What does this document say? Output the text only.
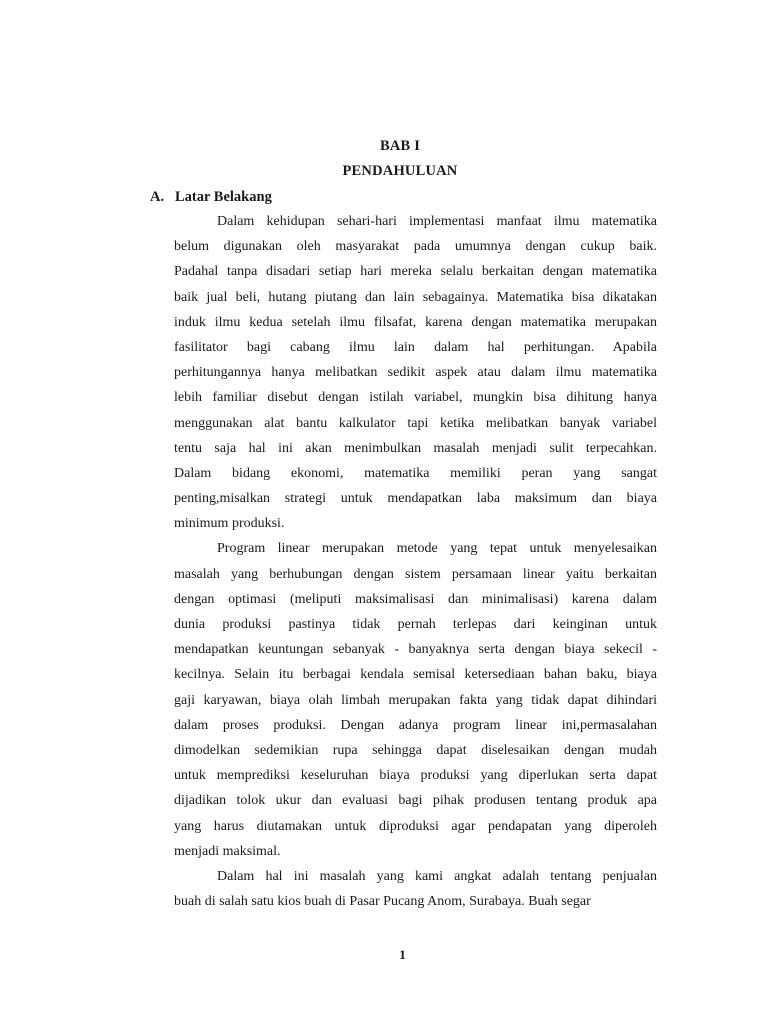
BAB I
PENDAHULUAN
A. Latar Belakang
Dalam kehidupan sehari-hari implementasi manfaat ilmu matematika
belum digunakan oleh masyarakat pada umumnya dengan cukup baik.
Padahal tanpa disadari setiap hari mereka selalu berkaitan dengan matematika
baik jual beli, hutang piutang dan lain sebagainya. Matematika bisa dikatakan
induk ilmu kedua setelah ilmu filsafat, karena dengan matematika merupakan
fasilitator bagi cabang ilmu lain dalam hal perhitungan. Apabila
perhitungannya hanya melibatkan sedikit aspek atau dalam ilmu matematika
lebih familiar disebut dengan istilah variabel, mungkin bisa dihitung hanya
menggunakan alat bantu kalkulator tapi ketika melibatkan banyak variabel
tentu saja hal ini akan menimbulkan masalah menjadi sulit terpecahkan.
Dalam bidang ekonomi, matematika memiliki peran yang sangat
penting,misalkan strategi untuk mendapatkan laba maksimum dan biaya
minimum produksi.
Program linear merupakan metode yang tepat untuk menyelesaikan
masalah yang berhubungan dengan sistem persamaan linear yaitu berkaitan
dengan optimasi (meliputi maksimalisasi dan minimalisasi) karena dalam
dunia produksi pastinya tidak pernah terlepas dari keinginan untuk
mendapatkan keuntungan sebanyak - banyaknya serta dengan biaya sekecil -
kecilnya. Selain itu berbagai kendala semisal ketersediaan bahan baku, biaya
gaji karyawan, biaya olah limbah merupakan fakta yang tidak dapat dihindari
dalam proses produksi. Dengan adanya program linear ini,permasalahan
dimodelkan sedemikian rupa sehingga dapat diselesaikan dengan mudah
untuk memprediksi keseluruhan biaya produksi yang diperlukan serta dapat
dijadikan tolok ukur dan evaluasi bagi pihak produsen tentang produk apa
yang harus diutamakan untuk diproduksi agar pendapatan yang diperoleh
menjadi maksimal.
Dalam hal ini masalah yang kami angkat adalah tentang penjualan
buah di salah satu kios buah di Pasar Pucang Anom, Surabaya. Buah segar
1
